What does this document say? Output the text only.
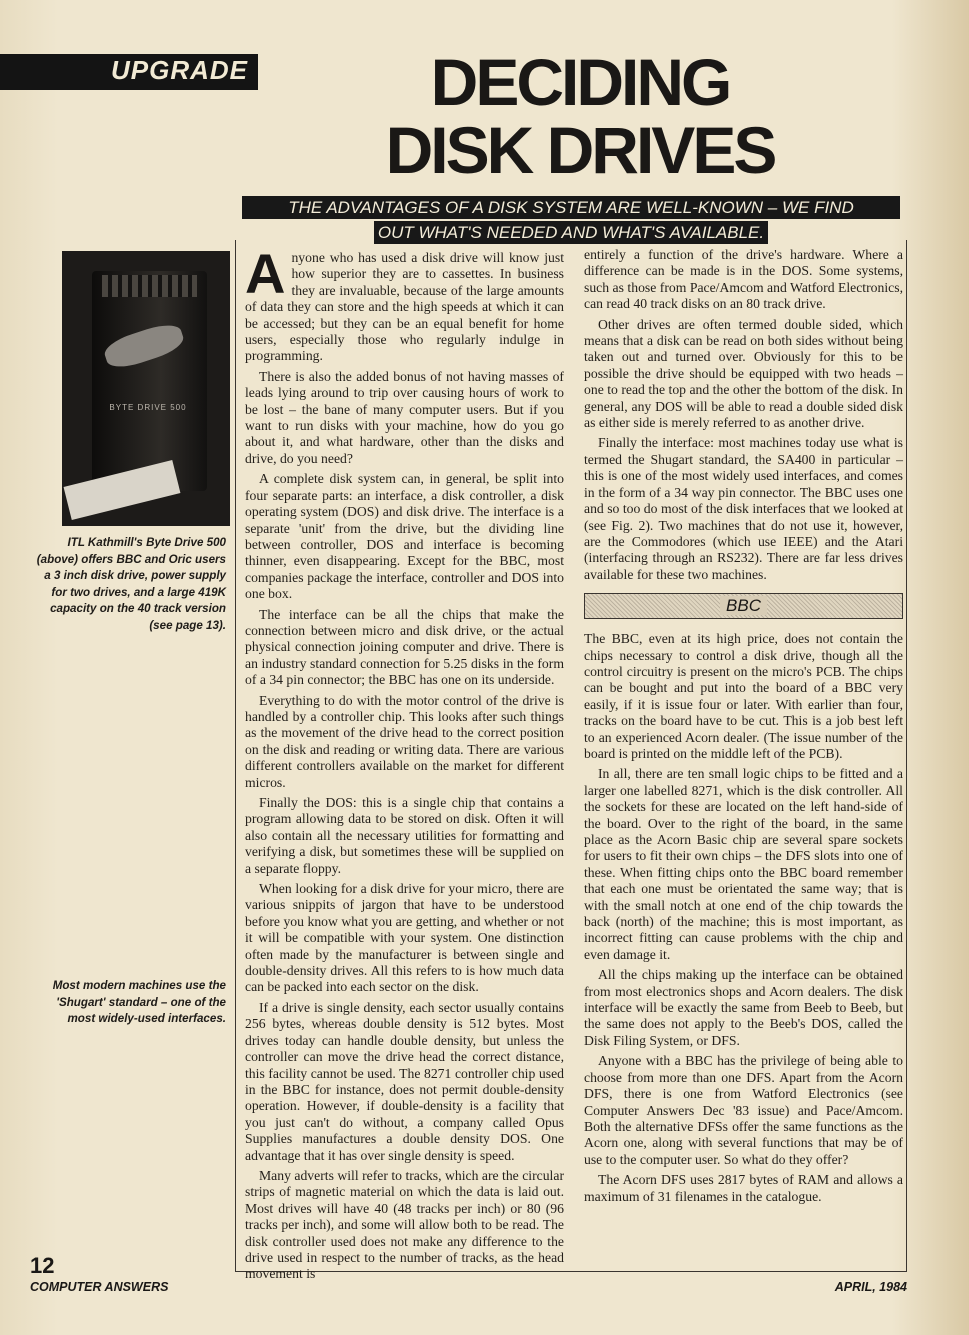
UPGRADE	DECIDING
DISK DRIVES
THE ADVANTAGES OF A DISK SYSTEM ARE WELL-KNOWN – WE FIND
OUT WHAT'S NEEDED AND WHAT'S AVAILABLE.
BYTE DRIVE 500
ITL Kathmill's Byte Drive 500 (above) offers BBC and Oric users a 3 inch disk drive, power supply for two drives, and a large 419K capacity on the 40 track version (see page 13).
Most modern machines use the 'Shugart' standard – one of the most widely-used interfaces.

Anyone who has used a disk drive will know just how superior they are to cassettes. In business they are invaluable, because of the large amounts of data they can store and the high speeds at which it can be accessed; but they can be an equal benefit for home users, especially those who regularly indulge in programming.

There is also the added bonus of not having masses of leads lying around to trip over causing hours of work to be lost – the bane of many computer users. But if you want to run disks with your machine, how do you go about it, and what hardware, other than the disks and drive, do you need?

A complete disk system can, in general, be split into four separate parts: an interface, a disk controller, a disk operating system (DOS) and disk drive. The interface is a separate 'unit' from the drive, but the dividing line between controller, DOS and interface is becoming thinner, even disappearing. Except for the BBC, most companies package the interface, controller and DOS into one box.

The interface can be all the chips that make the connection between micro and disk drive, or the actual physical connection joining computer and drive. There is an industry standard connection for 5.25 disks in the form of a 34 pin connector; the BBC has one on its underside.

Everything to do with the motor control of the drive is handled by a controller chip. This looks after such things as the movement of the drive head to the correct position on the disk and reading or writing data. There are various different controllers available on the market for different micros.

Finally the DOS: this is a single chip that contains a program allowing data to be stored on disk. Often it will also contain all the necessary utilities for formatting and verifying a disk, but sometimes these will be supplied on a separate floppy.

When looking for a disk drive for your micro, there are various snippits of jargon that have to be understood before you know what you are getting, and whether or not it will be compatible with your system. One distinction often made by the manufacturer is between single and double-density drives. All this refers to is how much data can be packed into each sector on the disk.

If a drive is single density, each sector usually contains 256 bytes, whereas double density is 512 bytes. Most drives today can handle double density, but unless the controller can move the drive head the correct distance, this facility cannot be used. The 8271 controller chip used in the BBC for instance, does not permit double-density operation. However, if double-density is a facility that you just can't do without, a company called Opus Supplies manufactures a double density DOS. One advantage that it has over single density is speed.

Many adverts will refer to tracks, which are the circular strips of magnetic material on which the data is laid out. Most drives will have 40 (48 tracks per inch) or 80 (96 tracks per inch), and some will allow both to be read. The disk controller used does not make any difference to the drive used in respect to the number of tracks, as the head movement is

entirely a function of the drive's hardware. Where a difference can be made is in the DOS. Some systems, such as those from Pace/Amcom and Watford Electronics, can read 40 track disks on an 80 track drive.

Other drives are often termed double sided, which means that a disk can be read on both sides without being taken out and turned over. Obviously for this to be possible the drive should be equipped with two heads – one to read the top and the other the bottom of the disk. In general, any DOS will be able to read a double sided disk as either side is merely referred to as another drive.

Finally the interface: most machines today use what is termed the Shugart standard, the SA400 in particular – this is one of the most widely used interfaces, and comes in the form of a 34 way pin connector. The BBC uses one and so too do most of the disk interfaces that we looked at (see Fig. 2). Two machines that do not use it, however, are the Commodores (which use IEEE) and the Atari (interfacing through an RS232). There are far less drives available for these two machines.

BBC

The BBC, even at its high price, does not contain the chips necessary to control a disk drive, though all the control circuitry is present on the micro's PCB. The chips can be bought and put into the board of a BBC very easily, if it is issue four or later. With earlier than four, tracks on the board have to be cut. This is a job best left to an experienced Acorn dealer. (The issue number of the board is printed on the middle left of the PCB).

In all, there are ten small logic chips to be fitted and a larger one labelled 8271, which is the disk controller. All the sockets for these are located on the left hand-side of the board. Over to the right of the board, in the same place as the Acorn Basic chip are several spare sockets for users to fit their own chips – the DFS slots into one of these. When fitting chips onto the BBC board remember that each one must be orientated the same way; that is with the small notch at one end of the chip towards the back (north) of the machine; this is most important, as incorrect fitting can cause problems with the chip and even damage it.

All the chips making up the interface can be obtained from most electronics shops and Acorn dealers. The disk interface will be exactly the same from Beeb to Beeb, but the same does not apply to the Beeb's DOS, called the Disk Filing System, or DFS.

Anyone with a BBC has the privilege of being able to choose from more than one DFS. Apart from the Acorn DFS, there is one from Watford Electronics (see Computer Answers Dec '83 issue) and Pace/Amcom. Both the alternative DFSs offer the same functions as the Acorn one, along with several functions that may be of use to the computer user. So what do they offer?

The Acorn DFS uses 2817 bytes of RAM and allows a maximum of 31 filenames in the catalogue.

12
COMPUTER ANSWERS	APRIL, 1984
